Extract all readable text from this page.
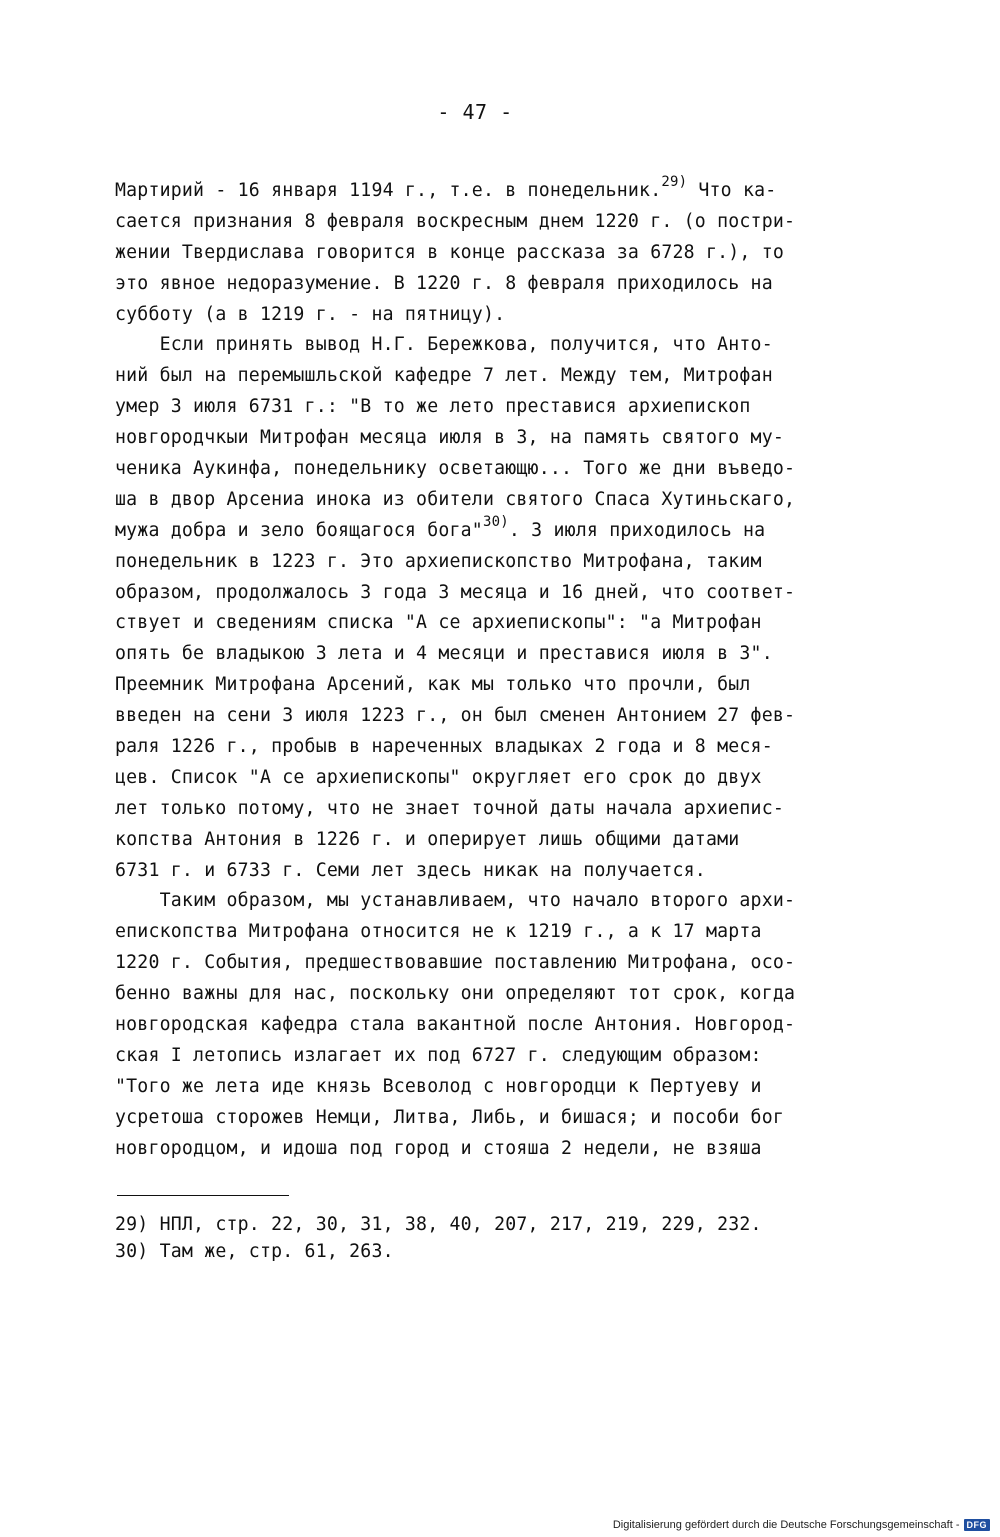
- 47 -
Мартирий - 16 января 1194 г., т.е. в понедельник.$^{29)}$ Что ка-
сается признания 8 февраля воскресным днем 1220 г. (о постри-
жении Твердислава говорится в конце рассказа за 6728 г.), то
это явное недоразумение. В 1220 г. 8 февраля приходилось на
субботу (а в 1219 г. - на пятницу).
Если принять вывод Н.Г. Бережкова, получится, что Анто-
ний был на перемышльской кафедре 7 лет. Между тем, Митрофан
умер 3 июля 6731 г.: "В то же лето преставися архиепископ
новгородчкыи Митрофан месяца июля в 3, на память святого му-
ченика Аукинфа, понедельнику осветающю... Того же дни въведо-
ша в двор Арсениа инока из обители святого Спаса Хутиньскаго,
мужа добра и зело боящагося бога"$^{30)}$. 3 июля приходилось на
понедельник в 1223 г. Это архиепископство Митрофана, таким
образом, продолжалось 3 года 3 месяца и 16 дней, что соответ-
ствует и сведениям списка "А се архиепископы": "а Митрофан
опять бе владыкою 3 лета и 4 месяци и преставися июля в 3".
Преемник Митрофана Арсений, как мы только что прочли, был
введен на сени 3 июля 1223 г., он был сменен Антонием 27 фев-
раля 1226 г., пробыв в нареченных владыках 2 года и 8 меся-
цев. Список "А се архиепископы" округляет его срок до двух
лет только потому, что не знает точной даты начала архиепис-
копства Антония в 1226 г. и оперирует лишь общими датами
6731 г. и 6733 г. Семи лет здесь никак на получается.
Таким образом, мы устанавливаем, что начало второго архи-
епископства Митрофана относится не к 1219 г., а к 17 марта
1220 г. События, предшествовавшие поставлению Митрофана, осо-
бенно важны для нас, поскольку они определяют тот срок, когда
новгородская кафедра стала вакантной после Антония. Новгород-
ская I летопись излагает их под 6727 г. следующим образом:
"Того же лета иде князь Всеволод с новгородци к Пертуеву и
усретоша сторожев Немци, Литва, Либь, и бишася; и пособи бог
новгородцом, и идоша под город и стояша 2 недели, не взяша
29) НПЛ, стр. 22, 30, 31, 38, 40, 207, 217, 219, 229, 232.
30) Там же, стр. 61, 263.
Digitalisierung gefördert durch die Deutsche Forschungsgemeinschaft - DFG
